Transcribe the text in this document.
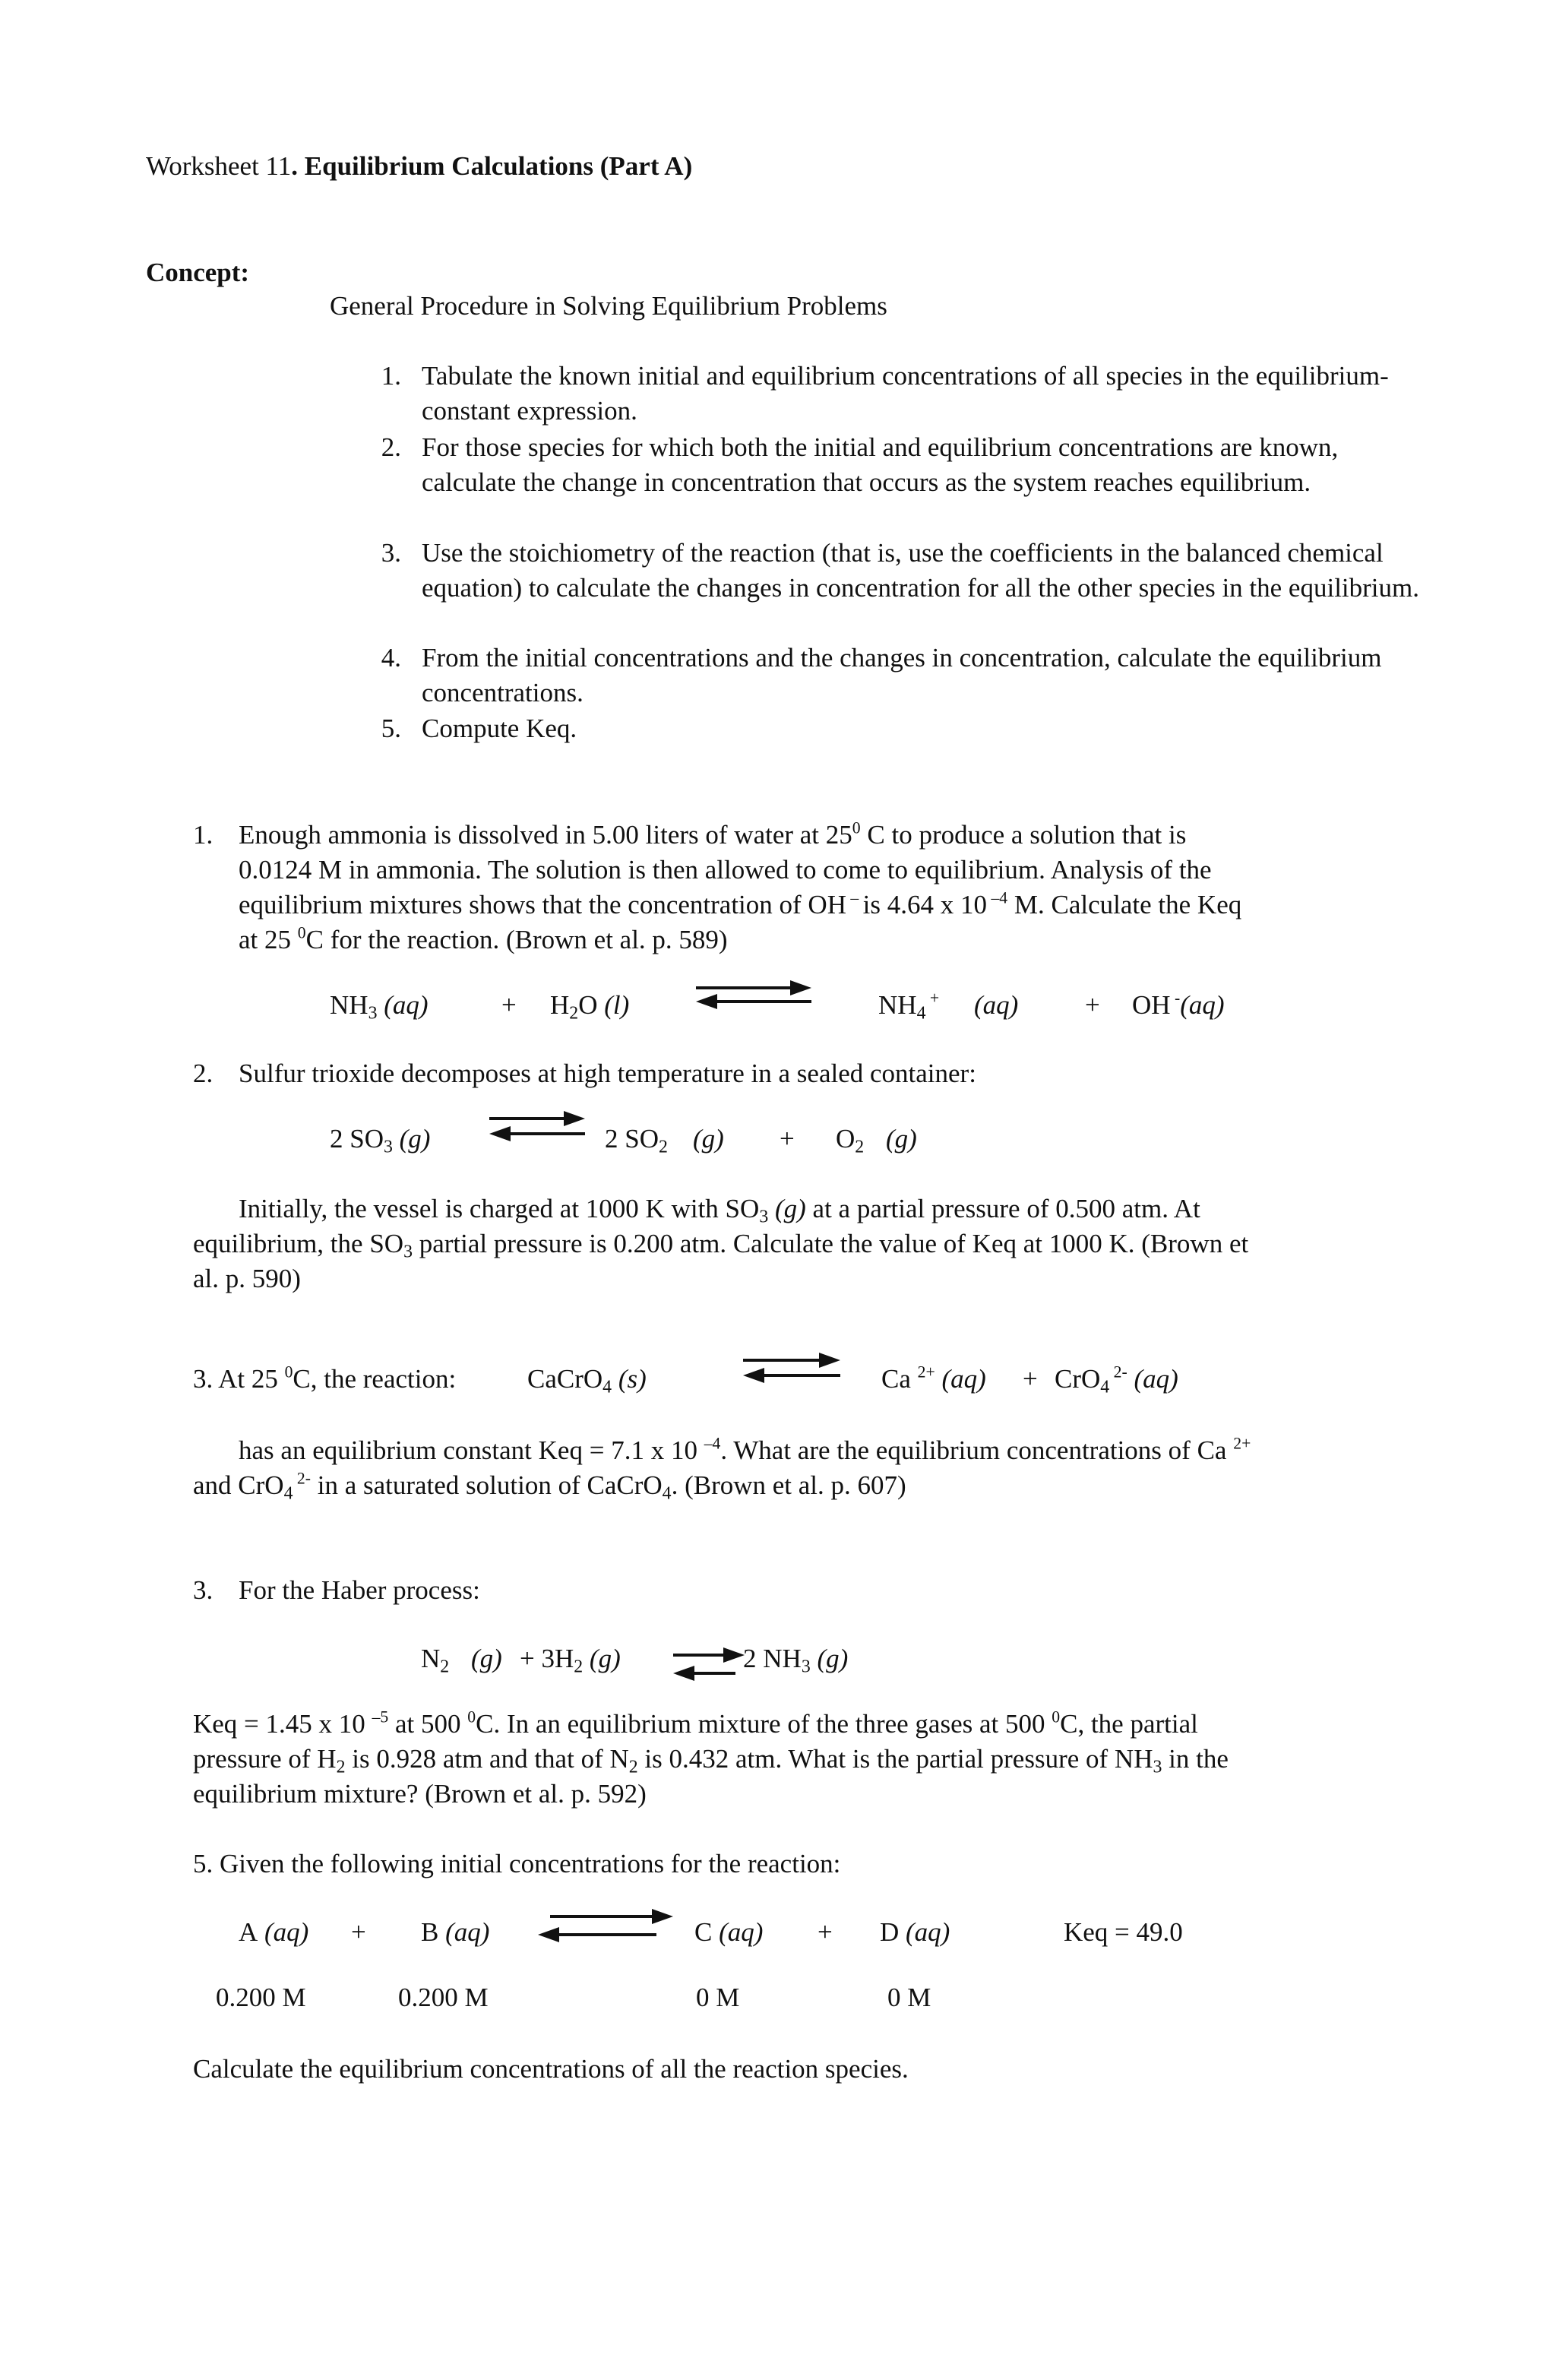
Worksheet 11. Equilibrium Calculations (Part A)
Concept:
General Procedure in Solving Equilibrium Problems
1. Tabulate the known initial and equilibrium concentrations of all species in the equilibrium-constant expression.
2. For those species for which both the initial and equilibrium concentrations are known, calculate the change in concentration that occurs as the system reaches equilibrium.
3. Use the stoichiometry of the reaction (that is, use the coefficients in the balanced chemical equation) to calculate the changes in concentration for all the other species in the equilibrium.
4. From the initial concentrations and the changes in concentration, calculate the equilibrium concentrations.
5. Compute Keq.
1. Enough ammonia is dissolved in 5.00 liters of water at $25^0$ C to produce a solution that is
0.0124 M in ammonia. The solution is then allowed to come to equilibrium. Analysis of the
equilibrium mixtures shows that the concentration of OH – is 4.64 x 10 $^{-4}$ M. Calculate the Keq
at 25 $^0$C for the reaction. (Brown et al. p. 589)
$NH_3$ (aq)	+ $H_2O$ (l)	$NH_4$ + (aq)	+ OH -(aq)
2. Sulfur trioxide decomposes at high temperature in a sealed container:
2 $SO_3$ (g) ⇌ 2 $SO_2$ $(g) + O_2$ (g)
Initially, the vessel is charged at 1000 K with $SO_3$ (g) at a partial pressure of 0.500 atm. At
equilibrium, the $SO_3$ partial pressure is 0.200 atm. Calculate the value of Keq at 1000 K. (Brown et
al. p. 590)
3. At 25 $^0$C, the reaction:	CaCrO$_4$ (s)	⇌ Ca $^{2+}$ (aq) + CrO$_4$ $^{2-}$ (aq)
has an equilibrium constant Keq = 7.1 x 10 $^{-4}$. What are the equilibrium concentrations of Ca $^{2+}$
and CrO$_4$ $^{2-}$ in a saturated solution of CaCrO$_4$. (Brown et al. p. 607)
3. For the Haber process:
$N_2$ $(g) + 3H_2$ (g)	2 $NH_3$ (g)
Keq = 1.45 x 10 $^{-5}$ at 500 $^0$C. In an equilibrium mixture of the three gases at 500 $^0$C, the partial
pressure of $H_2$ is 0.928 atm and that of $N_2$ is 0.432 atm. What is the partial pressure of $NH_3$ in the
equilibrium mixture? (Brown et al. p. 592)
5. Given the following initial concentrations for the reaction:
A (aq) + B (aq)	C (aq) + D (aq)	Keq = 49.0
0.200 M	0.200 M	0 M	0 M
Calculate the equilibrium concentrations of all the reaction species.
